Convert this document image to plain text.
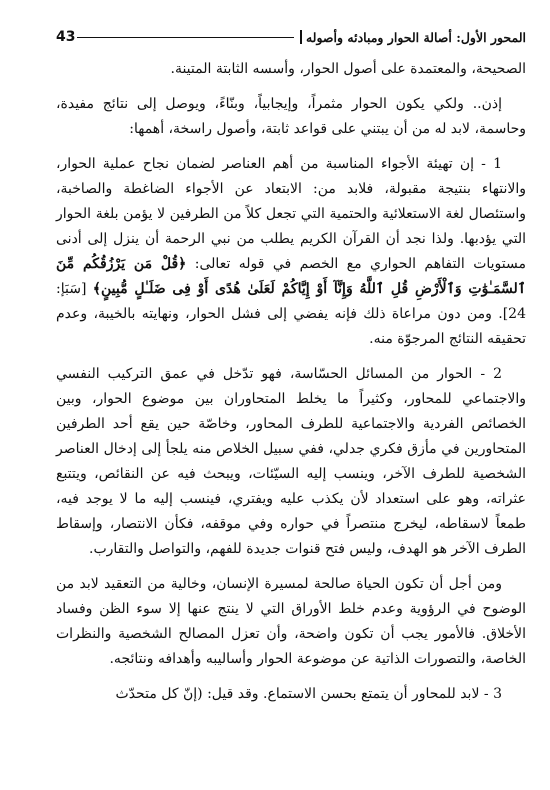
المحور الأول: أصالة الحوار ومبادئه وأصوله
43

الصحيحة، والمعتمدة على أصول الحوار، وأسسه الثابتة المتينة.

إذن.. ولكي يكون الحوار مثمراً، وإيجابياً، وبنّاءً، ويوصل إلى نتائج مفيدة، وحاسمة، لابد له من أن يبتني على قواعد ثابتة، وأصول راسخة، أهمها:

1 - إن تهيئة الأجواء المناسبة من أهم العناصر لضمان نجاح عملية الحوار، والانتهاء بنتيجة مقبولة، فلابد من: الابتعاد عن الأجواء الضاغطة والصاخبة، واستئصال لغة الاستعلائية والحتمية التي تجعل كلاً من الطرفين لا يؤمن بلغة الحوار التي يؤدبها. ولذا نجد أن القرآن الكريم يطلب من نبي الرحمة أن ينزل إلى أدنى مستويات التفاهم الحواري مع الخصم في قوله تعالى: ﴿قُلْ مَن يَرْزُقُكُم مِّنَ ٱلسَّمَـٰوَٰتِ وَٱلْأَرْضِ قُلِ ٱللَّهُ وَإِنَّآ أَوْ إِيَّاكُمْ لَعَلَىٰ هُدًى أَوْ فِى ضَلَـٰلٍ مُّبِينٍ﴾ [سَبَإ: 24]. ومن دون مراعاة ذلك فإنه يفضي إلى فشل الحوار، ونهايته بالخيبة، وعدم تحقيقه النتائج المرجوّة منه.

2 - الحوار من المسائل الحسّاسة، فهو تدّخل في عمق التركيب النفسي والاجتماعي للمحاور، وكثيراً ما يخلط المتحاوران بين موضوع الحوار، وبين الخصائص الفردية والاجتماعية للطرف المحاور، وخاصّة حين يقع أحد الطرفين المتحاورين في مأزق فكري جدلي، ففي سبيل الخلاص منه يلجأ إلى إدخال العناصر الشخصية للطرف الآخر، وينسب إليه السيّئات، ويبحث فيه عن النقائص، ويتتبع عثراته، وهو على استعداد لأن يكذب عليه ويفتري، فينسب إليه ما لا يوجد فيه، طمعاً لاسقاطه، ليخرج منتصراً في حواره وفي موقفه، فكأن الانتصار، وإسقاط الطرف الآخر هو الهدف، وليس فتح قنوات جديدة للفهم، والتواصل والتقارب.

ومن أجل أن تكون الحياة صالحة لمسيرة الإنسان، وخالية من التعقيد لابد من الوضوح في الرؤوية وعدم خلط الأوراق التي لا ينتج عنها إلا سوء الظن وفساد الأخلاق. فالأمور يجب أن تكون واضحة، وأن تعزل المصالح الشخصية والنظرات الخاصة، والتصورات الذاتية عن موضوعة الحوار وأساليبه وأهدافه ونتائجه.

3 - لابد للمحاور أن يتمتع بحسن الاستماع. وقد قيل: (إنّ كل متحدّث
